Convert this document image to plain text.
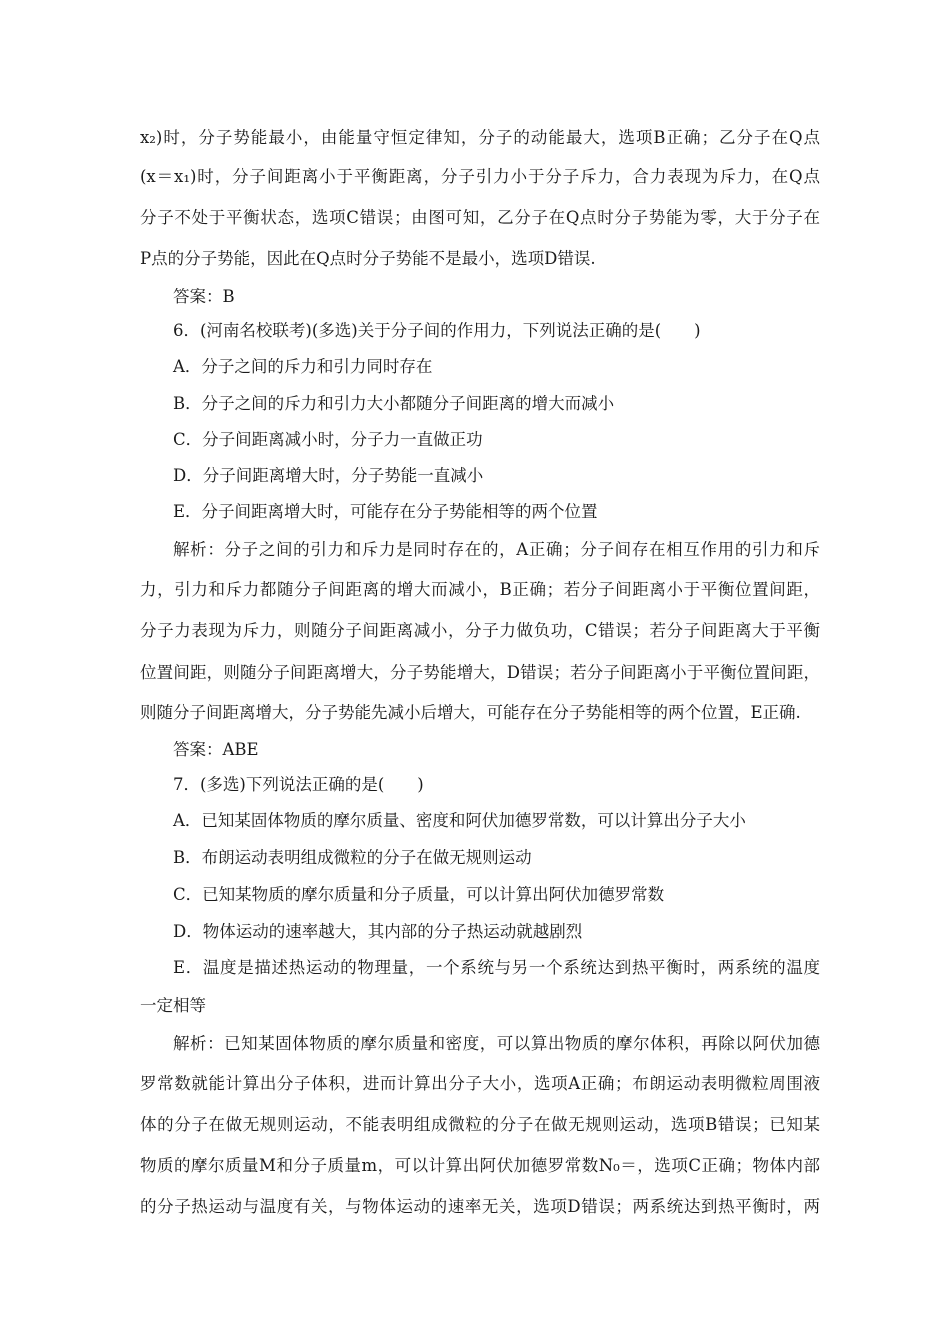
x₂)时，分子势能最小，由能量守恒定律知，分子的动能最大，选项B正确；乙分子在Q点
(x＝x₁)时，分子间距离小于平衡距离，分子引力小于分子斥力，合力表现为斥力，在Q点
分子不处于平衡状态，选项C错误；由图可知，乙分子在Q点时分子势能为零，大于分子在
P点的分子势能，因此在Q点时分子势能不是最小，选项D错误.
答案：B
6．(河南名校联考)(多选)关于分子间的作用力，下列说法正确的是(　　)
A．分子之间的斥力和引力同时存在
B．分子之间的斥力和引力大小都随分子间距离的增大而减小
C．分子间距离减小时，分子力一直做正功
D．分子间距离增大时，分子势能一直减小
E．分子间距离增大时，可能存在分子势能相等的两个位置
解析：分子之间的引力和斥力是同时存在的，A正确；分子间存在相互作用的引力和斥
力，引力和斥力都随分子间距离的增大而减小，B正确；若分子间距离小于平衡位置间距，
分子力表现为斥力，则随分子间距离减小，分子力做负功，C错误；若分子间距离大于平衡
位置间距，则随分子间距离增大，分子势能增大，D错误；若分子间距离小于平衡位置间距，
则随分子间距离增大，分子势能先减小后增大，可能存在分子势能相等的两个位置，E正确.
答案：ABE
7．(多选)下列说法正确的是(　　)
A．已知某固体物质的摩尔质量、密度和阿伏加德罗常数，可以计算出分子大小
B．布朗运动表明组成微粒的分子在做无规则运动
C．已知某物质的摩尔质量和分子质量，可以计算出阿伏加德罗常数
D．物体运动的速率越大，其内部的分子热运动就越剧烈
E．温度是描述热运动的物理量，一个系统与另一个系统达到热平衡时，两系统的温度
一定相等
解析：已知某固体物质的摩尔质量和密度，可以算出物质的摩尔体积，再除以阿伏加德
罗常数就能计算出分子体积，进而计算出分子大小，选项A正确；布朗运动表明微粒周围液
体的分子在做无规则运动，不能表明组成微粒的分子在做无规则运动，选项B错误；已知某
物质的摩尔质量M和分子质量m，可以计算出阿伏加德罗常数N₀＝，选项C正确；物体内部
的分子热运动与温度有关，与物体运动的速率无关，选项D错误；两系统达到热平衡时，两
